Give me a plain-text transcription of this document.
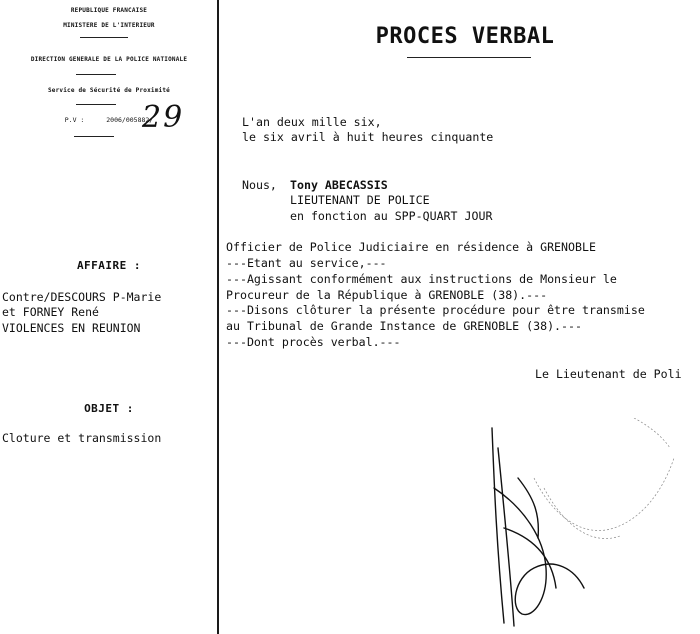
REPUBLIQUE FRANCAISE
MINISTERE DE L'INTERIEUR
DIRECTION GENERALE DE LA POLICE NATIONALE
Service de Sécurité de Proximité
P.V :	2006/005882/
29
AFFAIRE :
Contre/DESCOURS P-Marie
et FORNEY René
VIOLENCES EN REUNION
OBJET :
Cloture et transmission
PROCES VERBAL
L'an deux mille six,
le six avril à huit heures cinquante
Nous, Tony ABECASSIS
LIEUTENANT DE POLICE
en fonction au SPP-QUART JOUR
Officier de Police Judiciaire en résidence à GRENOBLE
---Etant au service,---
---Agissant conformément aux instructions de Monsieur le
Procureur de la République à GRENOBLE (38).---
---Disons clôturer la présente procédure pour être transmise
au Tribunal de Grande Instance de GRENOBLE (38).---
---Dont procès verbal.---
Le Lieutenant de Poli
